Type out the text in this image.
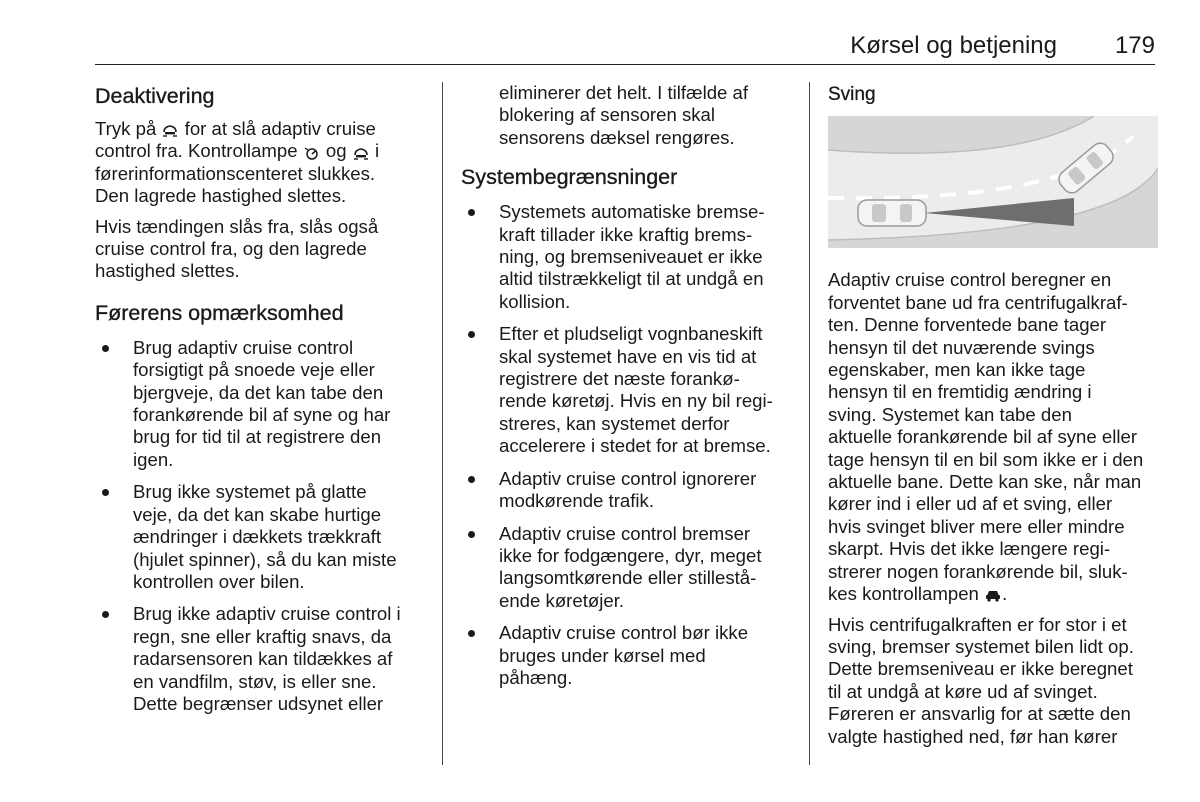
Kørsel og betjening 179
Deaktivering

Tryk på for at slå adaptiv cruise
control fra. Kontrollampe og i
førerinformationscenteret slukkes.
Den lagrede hastighed slettes.

Hvis tændingen slås fra, slås også
cruise control fra, og den lagrede
hastighed slettes.

Førerens opmærksomhed
Brug adaptiv cruise control
forsigtigt på snoede veje eller
bjergveje, da det kan tabe den
forankørende bil af syne og har
brug for tid til at registrere den
igen.
Brug ikke systemet på glatte
veje, da det kan skabe hurtige
ændringer i dækkets trækkraft
(hjulet spinner), så du kan miste
kontrollen over bilen.
Brug ikke adaptiv cruise control i
regn, sne eller kraftig snavs, da
radarsensoren kan tildækkes af
en vandfilm, støv, is eller sne.
Dette begrænser udsynet eller

eliminerer det helt. I tilfælde af
blokering af sensoren skal
sensorens dæksel rengøres.

Systembegrænsninger
Systemets automatiske bremse-
kraft tillader ikke kraftig brems-
ning, og bremseniveauet er ikke
altid tilstrækkeligt til at undgå en
kollision.
Efter et pludseligt vognbaneskift
skal systemet have en vis tid at
registrere det næste forankø-
rende køretøj. Hvis en ny bil regi-
streres, kan systemet derfor
accelerere i stedet for at bremse.
Adaptiv cruise control ignorerer
modkørende trafik.
Adaptiv cruise control bremser
ikke for fodgængere, dyr, meget
langsomtkørende eller stillestå-
ende køretøjer.
Adaptiv cruise control bør ikke
bruges under kørsel med
påhæng.
Sving

Adaptiv cruise control beregner en
forventet bane ud fra centrifugalkraf-
ten. Denne forventede bane tager
hensyn til det nuværende svings
egenskaber, men kan ikke tage
hensyn til en fremtidig ændring i
sving. Systemet kan tabe den
aktuelle forankørende bil af syne eller
tage hensyn til en bil som ikke er i den
aktuelle bane. Dette kan ske, når man
kører ind i eller ud af et sving, eller
hvis svinget bliver mere eller mindre
skarpt. Hvis det ikke længere regi-
strerer nogen forankørende bil, sluk-
kes kontrollampen .

Hvis centrifugalkraften er for stor i et
sving, bremser systemet bilen lidt op.
Dette bremseniveau er ikke beregnet
til at undgå at køre ud af svinget.
Føreren er ansvarlig for at sætte den
valgte hastighed ned, før han kører
